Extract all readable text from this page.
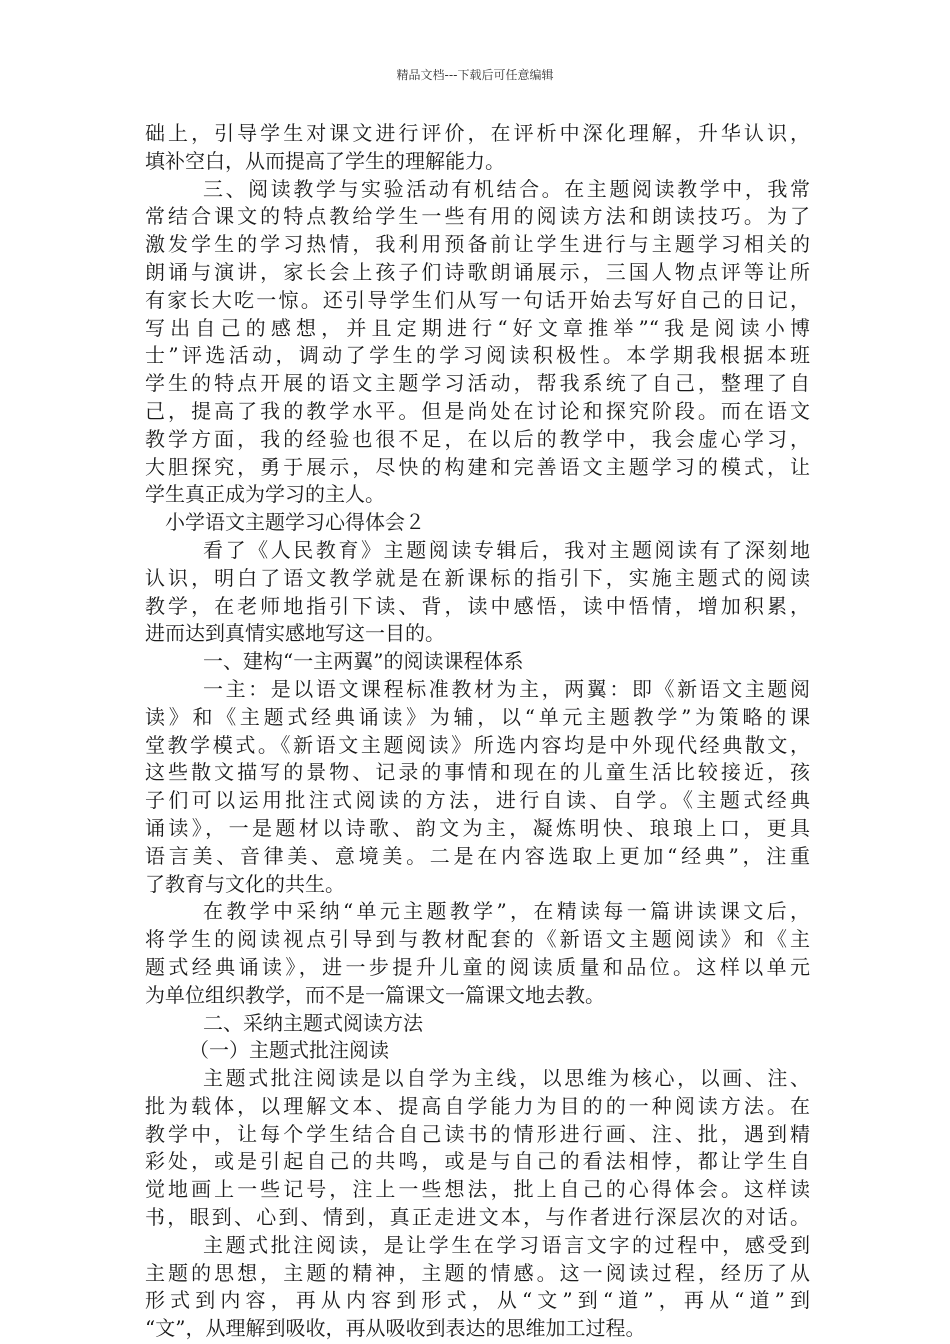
精品文档---下载后可任意编辑
础上，引导学生对课文进行评价，在评析中深化理解，升华认识，
填补空白，从而提高了学生的理解能力。
三、阅读教学与实验活动有机结合。在主题阅读教学中，我常
常结合课文的特点教给学生一些有用的阅读方法和朗读技巧。为了
激发学生的学习热情，我利用预备前让学生进行与主题学习相关的
朗诵与演讲，家长会上孩子们诗歌朗诵展示，三国人物点评等让所
有家长大吃一惊。还引导学生们从写一句话开始去写好自己的日记，
写出自己的感想，并且定期进行“好文章推举”“我是阅读小博
士”评选活动，调动了学生的学习阅读积极性。本学期我根据本班
学生的特点开展的语文主题学习活动，帮我系统了自己，整理了自
己，提高了我的教学水平。但是尚处在讨论和探究阶段。而在语文
教学方面，我的经验也很不足，在以后的教学中，我会虚心学习，
大胆探究，勇于展示，尽快的构建和完善语文主题学习的模式，让
学生真正成为学习的主人。
小学语文主题学习心得体会２
看了《人民教育》主题阅读专辑后，我对主题阅读有了深刻地
认识，明白了语文教学就是在新课标的指引下，实施主题式的阅读
教学，在老师地指引下读、背，读中感悟，读中悟情，增加积累，
进而达到真情实感地写这一目的。
一、建构“一主两翼”的阅读课程体系
一主：是以语文课程标准教材为主，两翼：即《新语文主题阅
读》和《主题式经典诵读》为辅，以“单元主题教学”为策略的课
堂教学模式。《新语文主题阅读》所选内容均是中外现代经典散文，
这些散文描写的景物、记录的事情和现在的儿童生活比较接近，孩
子们可以运用批注式阅读的方法，进行自读、自学。《主题式经典
诵读》，一是题材以诗歌、韵文为主，凝炼明快、琅琅上口，更具
语言美、音律美、意境美。二是在内容选取上更加“经典”，注重
了教育与文化的共生。
在教学中采纳“单元主题教学”，在精读每一篇讲读课文后，
将学生的阅读视点引导到与教材配套的《新语文主题阅读》和《主
题式经典诵读》，进一步提升儿童的阅读质量和品位。这样以单元
为单位组织教学，而不是一篇课文一篇课文地去教。
二、采纳主题式阅读方法
（一）主题式批注阅读
主题式批注阅读是以自学为主线，以思维为核心，以画、注、
批为载体，以理解文本、提高自学能力为目的的一种阅读方法。在
教学中，让每个学生结合自己读书的情形进行画、注、批，遇到精
彩处，或是引起自己的共鸣，或是与自己的看法相悖，都让学生自
觉地画上一些记号，注上一些想法，批上自己的心得体会。这样读
书，眼到、心到、情到，真正走进文本，与作者进行深层次的对话。
主题式批注阅读，是让学生在学习语言文字的过程中，感受到
主题的思想，主题的精神，主题的情感。这一阅读过程，经历了从
形式到内容，再从内容到形式，从“文”到“道”，再从“道”到
“文”，从理解到吸收，再从吸收到表达的思维加工过程。
